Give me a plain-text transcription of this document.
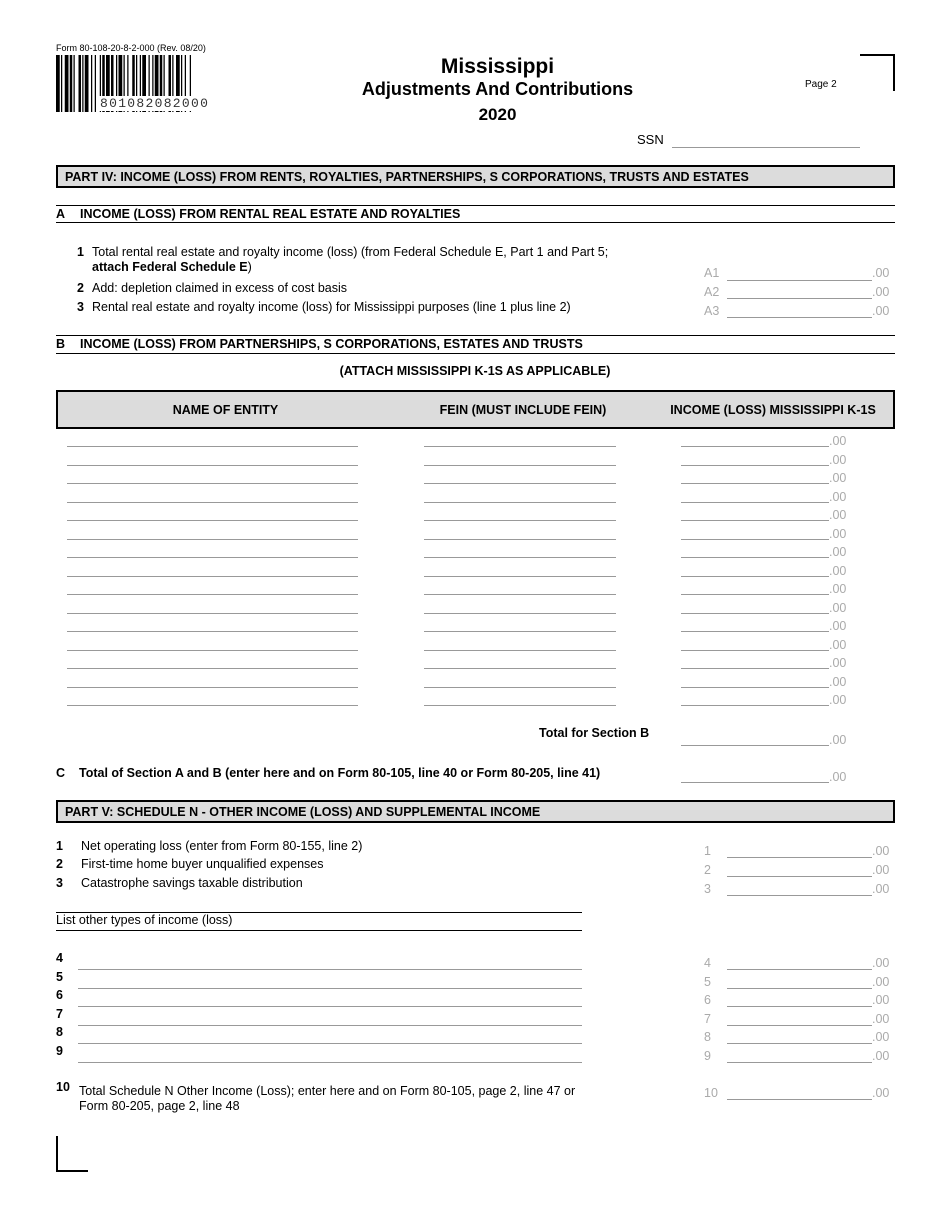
Form 80-108-20-8-2-000 (Rev. 08/20)
801082082000
Mississippi
Adjustments And Contributions
2020
Page 2
SSN
PART IV: INCOME (LOSS) FROM RENTS, ROYALTIES, PARTNERSHIPS, S CORPORATIONS, TRUSTS AND ESTATES
A INCOME (LOSS) FROM RENTAL REAL ESTATE AND ROYALTIES
1 Total rental real estate and royalty income (loss) (from Federal Schedule E, Part 1 and Part 5;
attach Federal Schedule E)
2 Add: depletion claimed in excess of cost basis
3 Rental real estate and royalty income (loss) for Mississippi purposes (line 1 plus line 2)
A1	.00
A2	.00
A3	.00
B INCOME (LOSS) FROM PARTNERSHIPS, S CORPORATIONS, ESTATES AND TRUSTS
(ATTACH MISSISSIPPI K-1S AS APPLICABLE)
NAME OF ENTITY	FEIN (MUST INCLUDE FEIN)	INCOME (LOSS) MISSISSIPPI K-1S
.00
.00
.00
.00
.00
.00
.00
.00
.00
.00
.00
.00
.00
.00
.00
Total for Section B	.00
C Total of Section A and B (enter here and on Form 80-105, line 40 or Form 80-205, line 41)	.00
PART V: SCHEDULE N - OTHER INCOME (LOSS) AND SUPPLEMENTAL INCOME
1 Net operating loss (enter from Form 80-155, line 2)
2 First-time home buyer unqualified expenses
3 Catastrophe savings taxable distribution
List other types of income (loss)
1	.00
2	.00
3	.00
4	.00
5	.00
6	.00
7	.00
8	.00
9	.00
4
5
6
7
8
9
10 Total Schedule N Other Income (Loss); enter here and on Form 80-105, page 2, line 47 or
Form 80-205, page 2, line 48
10	.00
